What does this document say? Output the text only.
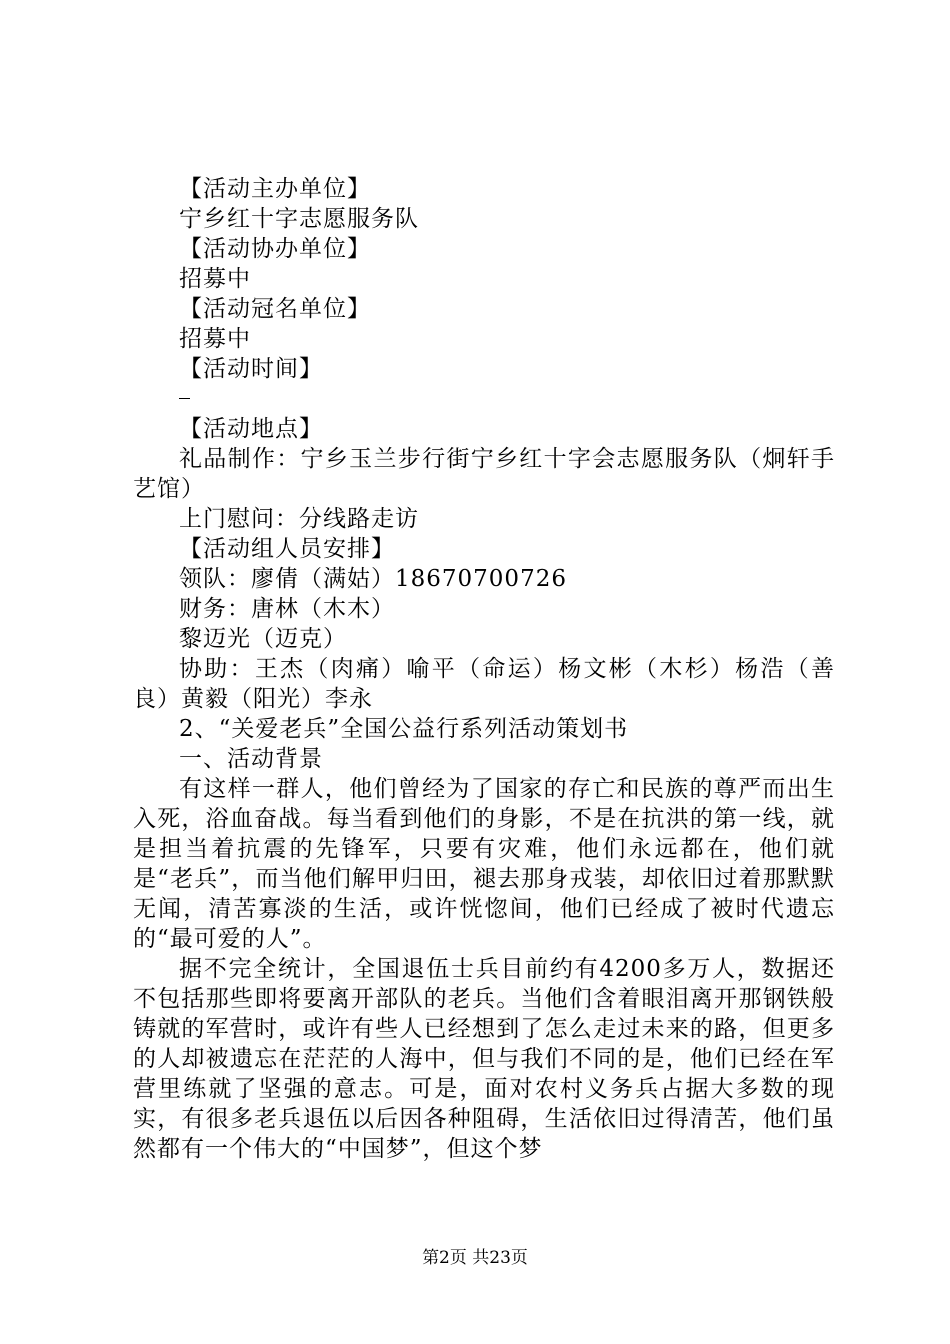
【活动主办单位】
宁乡红十字志愿服务队
【活动协办单位】
招募中
【活动冠名单位】
招募中
【活动时间】
【活动地点】

礼品制作：宁乡玉兰步行街宁乡红十字会志愿服务队（炯轩手艺馆）

上门慰问：分线路走访
【活动组人员安排】
领队：廖倩（满姑）18670700726
财务：唐林（木木）
黎迈光（迈克）

协助：王杰（肉痛）喻平（命运）杨文彬（木杉）杨浩（善良）黄毅（阳光）李永

2、“关爱老兵”全国公益行系列活动策划书
一、活动背景

有这样一群人，他们曾经为了国家的存亡和民族的尊严而出生入死，浴血奋战。每当看到他们的身影，不是在抗洪的第一线，就是担当着抗震的先锋军，只要有灾难，他们永远都在，他们就是“老兵”，而当他们解甲归田，褪去那身戎装，却依旧过着那默默无闻，清苦寡淡的生活，或许恍惚间，他们已经成了被时代遗忘的“最可爱的人”。

据不完全统计，全国退伍士兵目前约有4200多万人，数据还不包括那些即将要离开部队的老兵。当他们含着眼泪离开那钢铁般铸就的军营时，或许有些人已经想到了怎么走过未来的路，但更多的人却被遗忘在茫茫的人海中，但与我们不同的是，他们已经在军营里练就了坚强的意志。可是，面对农村义务兵占据大多数的现实，有很多老兵退伍以后因各种阻碍，生活依旧过得清苦，他们虽然都有一个伟大的“中国梦”，但这个梦

第2页 共23页
